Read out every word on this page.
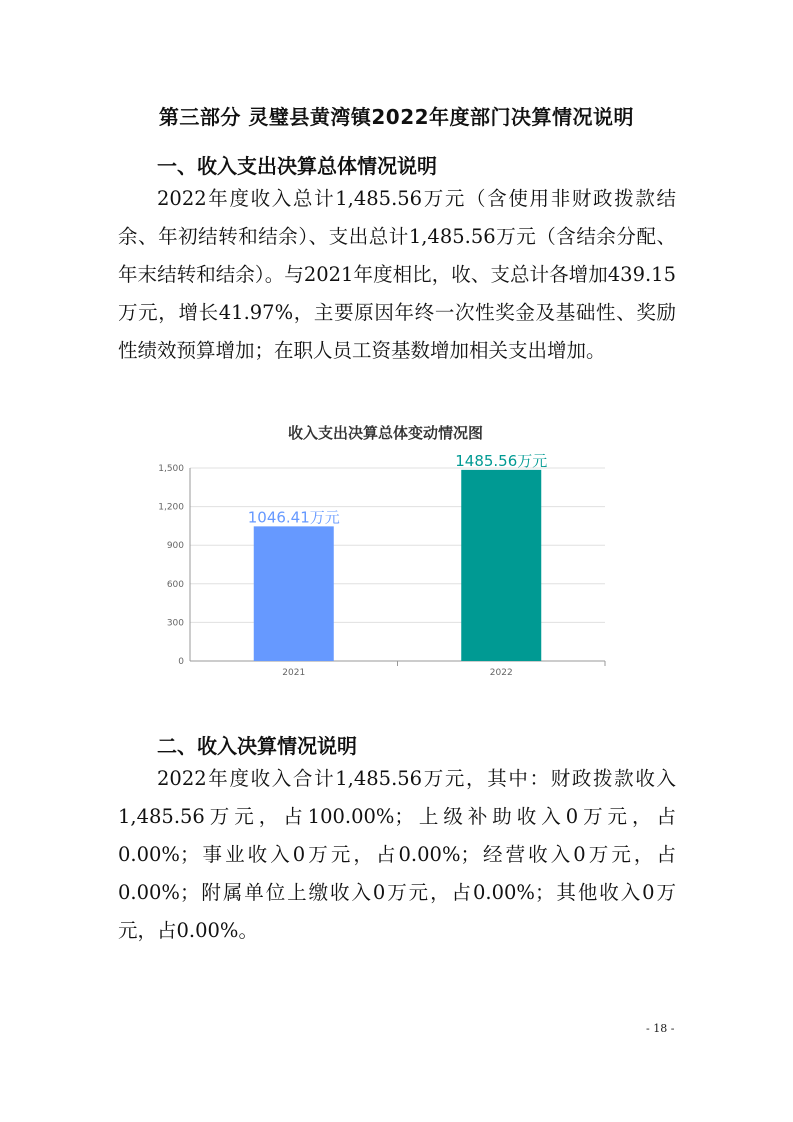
第三部分 灵璧县黄湾镇2022年度部门决算情况说明
一、收入支出决算总体情况说明

2022年度收入总计1,485.56万元（含使用非财政拨款结余、年初结转和结余）、支出总计1,485.56万元（含结余分配、年末结转和结余）。与2021年度相比，收、支总计各增加439.15万元，增长41.97%，主要原因年终一次性奖金及基础性、奖励性绩效预算增加；在职人员工资基数增加相关支出增加。

收入支出决算总体变动情况图
0
300
600
900
1,200
1,500
1046.41万元
2021
1485.56万元
2022
二、收入决算情况说明

2022年度收入合计1,485.56万元，其中：财政拨款收入1,485.56万元，占100.00%；上级补助收入0万元，占0.00%；事业收入0万元，占0.00%；经营收入0万元，占0.00%；附属单位上缴收入0万元，占0.00%；其他收入0万元，占0.00%。

- 18 -
